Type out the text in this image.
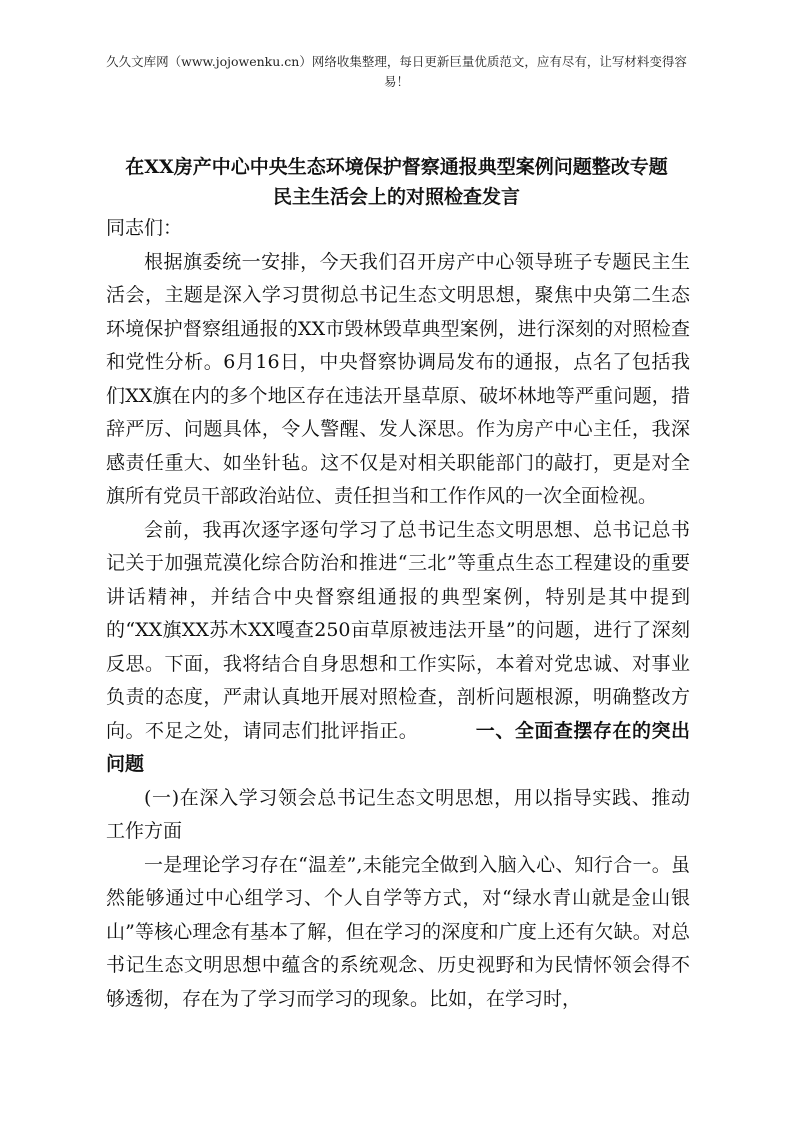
久久文库网（www.jojowenku.cn）网络收集整理，每日更新巨量优质范文，应有尽有，让写材料变得容易！
在XX房产中心中央生态环境保护督察通报典型案例问题整改专题
民主生活会上的对照检查发言

同志们：

根据旗委统一安排，今天我们召开房产中心领导班子专题民主生活会，主题是深入学习贯彻总书记生态文明思想，聚焦中央第二生态环境保护督察组通报的XX市毁林毁草典型案例，进行深刻的对照检查和党性分析。6月16日，中央督察协调局发布的通报，点名了包括我们XX旗在内的多个地区存在违法开垦草原、破坏林地等严重问题，措辞严厉、问题具体，令人警醒、发人深思。作为房产中心主任，我深感责任重大、如坐针毡。这不仅是对相关职能部门的敲打，更是对全旗所有党员干部政治站位、责任担当和工作作风的一次全面检视。

会前，我再次逐字逐句学习了总书记生态文明思想、总书记总书记关于加强荒漠化综合防治和推进“三北”等重点生态工程建设的重要讲话精神，并结合中央督察组通报的典型案例，特别是其中提到的“XX旗XX苏木XX嘎查250亩草原被违法开垦”的问题，进行了深刻反思。下面，我将结合自身思想和工作实际，本着对党忠诚、对事业负责的态度，严肃认真地开展对照检查，剖析问题根源，明确整改方向。不足之处，请同志们批评指正。   	一、全面查摆存在的突出问题

(一)在深入学习领会总书记生态文明思想，用以指导实践、推动工作方面

一是理论学习存在“温差”,未能完全做到入脑入心、知行合一。虽然能够通过中心组学习、个人自学等方式，对“绿水青山就是金山银山”等核心理念有基本了解，但在学习的深度和广度上还有欠缺。对总书记生态文明思想中蕴含的系统观念、历史视野和为民情怀领会得不够透彻，存在为了学习而学习的现象。比如，在学习时，
